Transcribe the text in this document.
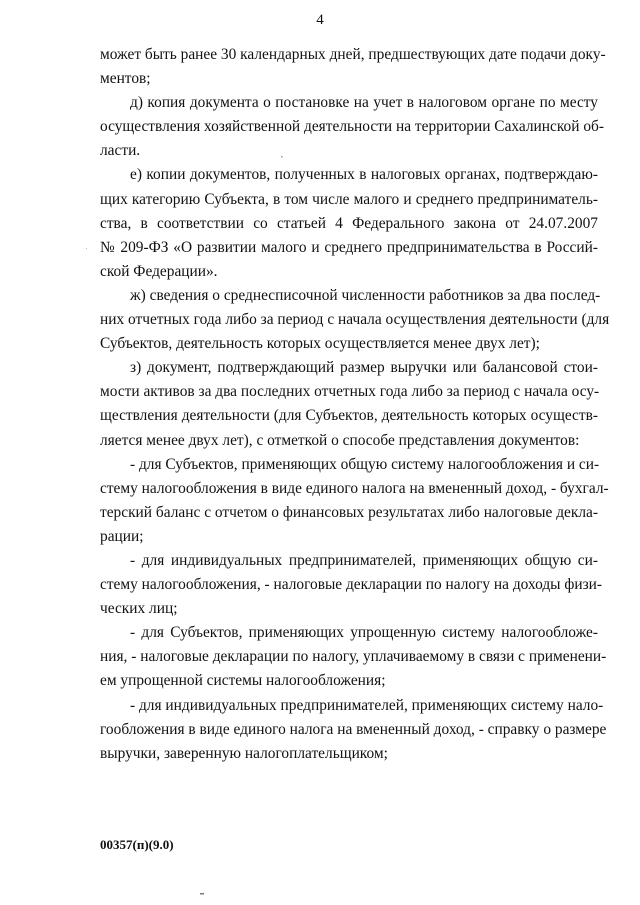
4
может быть ранее 30 календарных дней, предшествующих дате подачи доку-
ментов;
д) копия документа о постановке на учет в налоговом органе по месту
осуществления хозяйственной деятельности на территории Сахалинской об-
ласти.
е) копии документов, полученных в налоговых органах, подтверждаю-
щих категорию Субъекта, в том числе малого и среднего предприниматель-
ства, в соответствии со статьей 4 Федерального закона от 24.07.2007
№ 209-ФЗ «О развитии малого и среднего предпринимательства в Россий-
ской Федерации».
ж) сведения о среднесписочной численности работников за два послед-
них отчетных года либо за период с начала осуществления деятельности (для
Субъектов, деятельность которых осуществляется менее двух лет);
з) документ, подтверждающий размер выручки или балансовой стои-
мости активов за два последних отчетных года либо за период с начала осу-
ществления деятельности (для Субъектов, деятельность которых осуществ-
ляется менее двух лет), с отметкой о способе представления документов:
- для Субъектов, применяющих общую систему налогообложения и си-
стему налогообложения в виде единого налога на вмененный доход, - бухгал-
терский баланс с отчетом о финансовых результатах либо налоговые декла-
рации;
- для индивидуальных предпринимателей, применяющих общую си-
стему налогообложения, - налоговые декларации по налогу на доходы физи-
ческих лиц;
- для Субъектов, применяющих упрощенную систему налогообложе-
ния, - налоговые декларации по налогу, уплачиваемому в связи с применени-
ем упрощенной системы налогообложения;
- для индивидуальных предпринимателей, применяющих систему нало-
гообложения в виде единого налога на вмененный доход, - справку о размере
выручки, заверенную налогоплательщиком;
00357(п)(9.0)
